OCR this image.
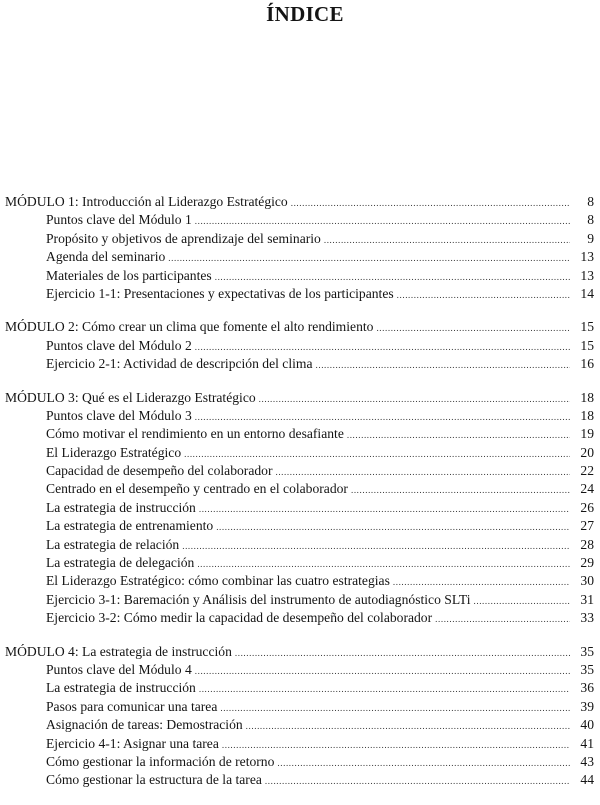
ÍNDICE
MÓDULO 1: Introducción al Liderazgo Estratégico .....	8
Puntos clave del Módulo 1 .....	8
Propósito y objetivos de aprendizaje del seminario .....	9
Agenda del seminario .....	13
Materiales de los participantes .....	13
Ejercicio 1-1: Presentaciones y expectativas de los participantes .....	14
MÓDULO 2: Cómo crear un clima que fomente el alto rendimiento .....	15
Puntos clave del Módulo 2 .....	15
Ejercicio 2-1: Actividad de descripción del clima .....	16
MÓDULO 3: Qué es el Liderazgo Estratégico .....	18
Puntos clave del Módulo 3 .....	18
Cómo motivar el rendimiento en un entorno desafiante .....	19
El Liderazgo Estratégico .....	20
Capacidad de desempeño del colaborador .....	22
Centrado en el desempeño y centrado en el colaborador .....	24
La estrategia de instrucción .....	26
La estrategia de entrenamiento .....	27
La estrategia de relación .....	28
La estrategia de delegación .....	29
El Liderazgo Estratégico: cómo combinar las cuatro estrategias .....	30
Ejercicio 3-1: Baremación y Análisis del instrumento de autodiagnóstico SLTi .....	31
Ejercicio 3-2: Cómo medir la capacidad de desempeño del colaborador .....	33
MÓDULO 4: La estrategia de instrucción .....	35
Puntos clave del Módulo 4 .....	35
La estrategia de instrucción .....	36
Pasos para comunicar una tarea .....	39
Asignación de tareas: Demostración .....	40
Ejercicio 4-1: Asignar una tarea .....	41
Cómo gestionar la información de retorno .....	43
Cómo gestionar la estructura de la tarea .....	44
